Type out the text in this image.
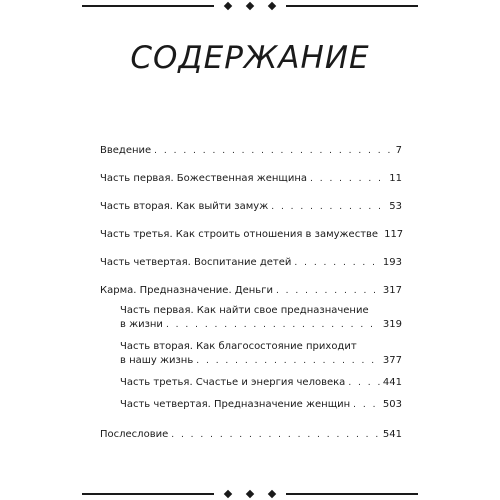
СОДЕРЖАНИЕ
Введение . . .	7
Часть первая. Божественная женщина . . .	11
Часть вторая. Как выйти замуж . . .	53
Часть третья. Как строить отношения в замужестве 117
Часть четвертая. Воспитание детей . . .	193
Карма. Предназначение. Деньги . . .	317
Часть первая. Как найти свое предназначение
в жизни . . .	319
Часть вторая. Как благосостояние приходит
в нашу жизнь . . .	377
Часть третья. Счастье и энергия человека . . .	441
Часть четвертая. Предназначение женщин . . .	503
Послесловие . . .	541
